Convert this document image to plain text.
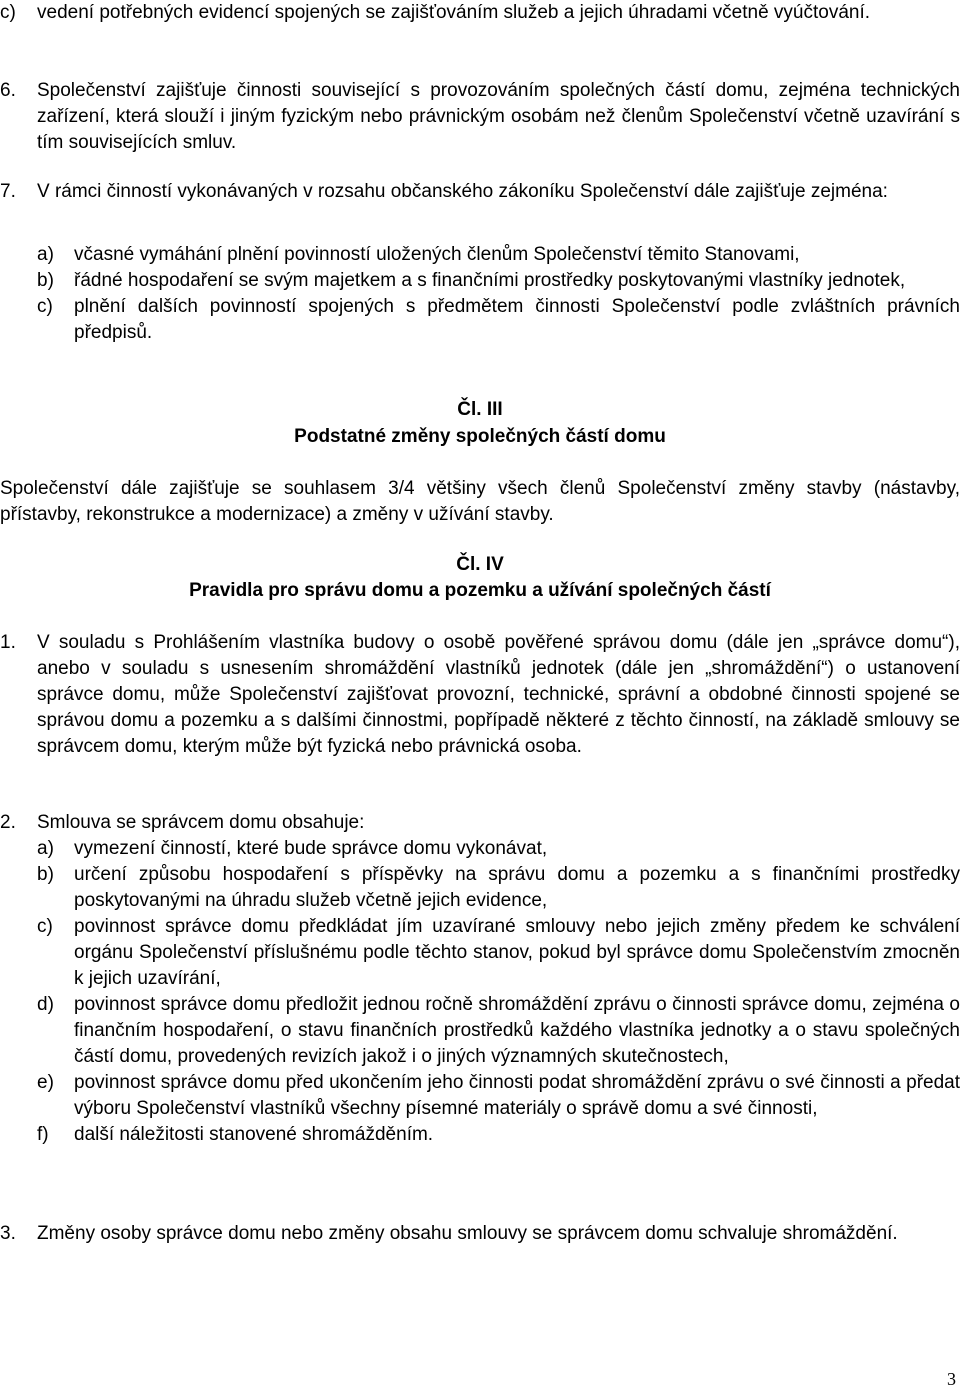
c)	vedení potřebných evidencí spojených se zajišťováním služeb a jejich úhradami včetně vyúčtování.
6.	Společenství zajišťuje činnosti související s provozováním společných částí domu, zejména technických zařízení, která slouží i jiným fyzickým nebo právnickým osobám než členům Společenství včetně uzavírání s tím souvisejících smluv.
7.	V rámci činností vykonávaných v rozsahu občanského zákoníku Společenství dále zajišťuje zejména:
a)	včasné vymáhání plnění povinností uložených členům Společenství těmito Stanovami,
b)	řádné hospodaření se svým majetkem a s finančními prostředky poskytovanými vlastníky jednotek,
c)	plnění dalších povinností spojených s předmětem činnosti Společenství podle zvláštních právních předpisů.
Čl. III
Podstatné změny společných částí domu
Společenství dále zajišťuje se souhlasem 3/4 většiny všech členů Společenství změny stavby (nástavby, přístavby, rekonstrukce a modernizace) a změny v užívání stavby.
Čl. IV
Pravidla pro správu domu a pozemku a užívání společných částí
1.	V souladu s Prohlášením vlastníka budovy o osobě pověřené správou domu (dále jen „správce domu“), anebo v souladu s usnesením shromáždění vlastníků jednotek (dále jen „shromáždění“) o ustanovení správce domu, může Společenství zajišťovat provozní, technické, správní a obdobné činnosti spojené se správou domu a pozemku a s dalšími činnostmi, popřípadě některé z těchto činností, na základě smlouvy se správcem domu, kterým může být fyzická nebo právnická osoba.
2.	Smlouva se správcem domu obsahuje:
a)	vymezení činností, které bude správce domu vykonávat,
b)	určení způsobu hospodaření s příspěvky na správu domu a pozemku a s finančními prostředky poskytovanými na úhradu služeb včetně jejich evidence,
c)	povinnost správce domu předkládat jím uzavírané smlouvy nebo jejich změny předem ke schválení orgánu Společenství příslušnému podle těchto stanov, pokud byl správce domu Společenstvím zmocněn k jejich uzavírání,
d)	povinnost správce domu předložit jednou ročně shromáždění zprávu o činnosti správce domu, zejména o finančním hospodaření, o stavu finančních prostředků každého vlastníka jednotky a o stavu společných částí domu, provedených revizích jakož i o jiných významných skutečnostech,
e)	povinnost správce domu před ukončením jeho činnosti podat shromáždění zprávu o své činnosti a předat výboru Společenství vlastníků všechny písemné materiály o správě domu a své činnosti,
f)	další náležitosti stanovené shromážděním.
3.	Změny osoby správce domu nebo změny obsahu smlouvy se správcem domu schvaluje shromáždění.
3
